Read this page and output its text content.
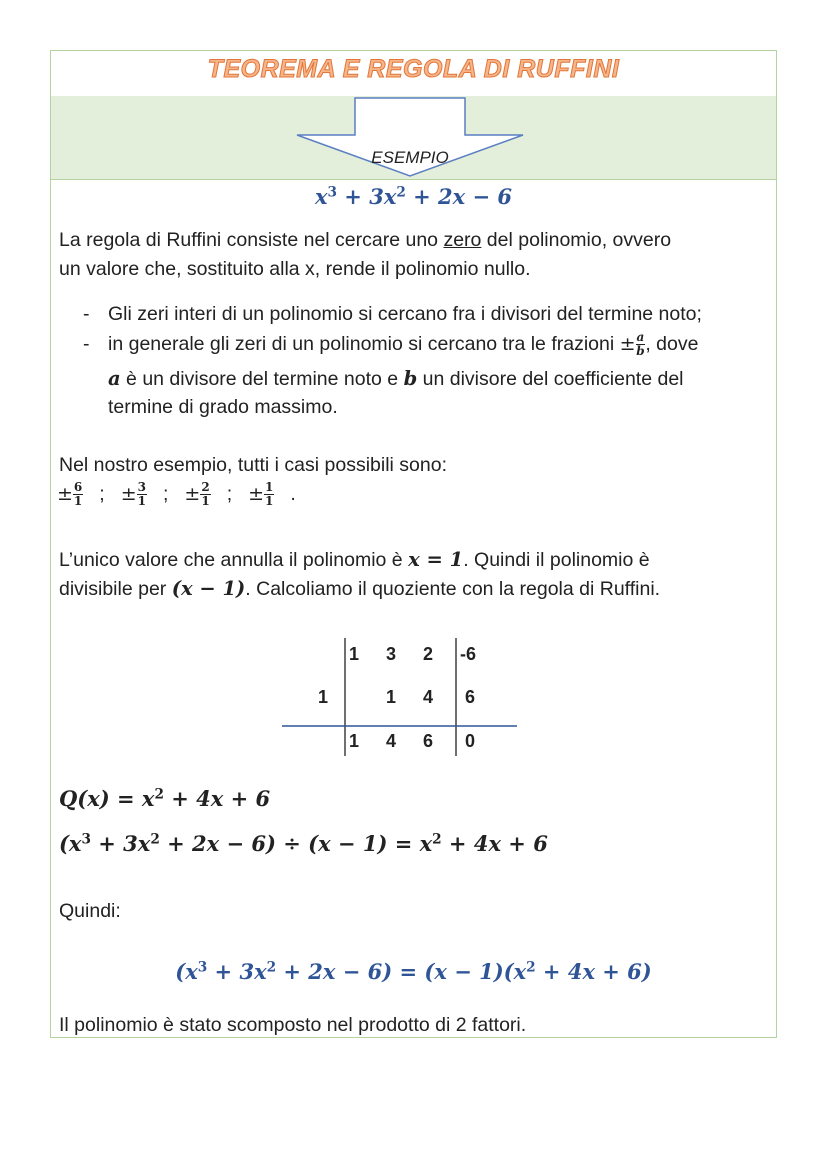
TEOREMA E REGOLA DI RUFFINI
ESEMPIO
$x^3 + 3x^2 + 2x - 6$
La regola di Ruffini consiste nel cercare uno zero del polinomio, ovvero
un valore che, sostituito alla x, rende il polinomio nullo.
- Gli zeri interi di un polinomio si cercano fra i divisori del termine noto;
- in generale gli zeri di un polinomio si cercano tra le frazioni ± $\frac{a}{b}$ , dove
a è un divisore del termine noto e b un divisore del coefficiente del
termine di grado massimo.
Nel nostro esempio, tutti i casi possibili sono:
± $\frac{6}{1}$ ; ± $\frac{3}{1}$ ; ± $\frac{2}{1}$ ; ± $\frac{1}{1}$ .
L’unico valore che annulla il polinomio è x = 1. Quindi il polinomio è
divisibile per (x − 1). Calcoliamo il quoziente con la regola di Ruffini.
1 3 2 -6
1	1 4 6
1 4 6 0
$Q(x) = x^2 + 4x + 6$
$(x^3 + 3x^2 + 2x - 6) \div (x - 1) = x^2 + 4x + 6$
Quindi:
$(x^3 + 3x^2 + 2x - 6) = (x - 1)(x^2 + 4x + 6)$
Il polinomio è stato scomposto nel prodotto di 2 fattori.
